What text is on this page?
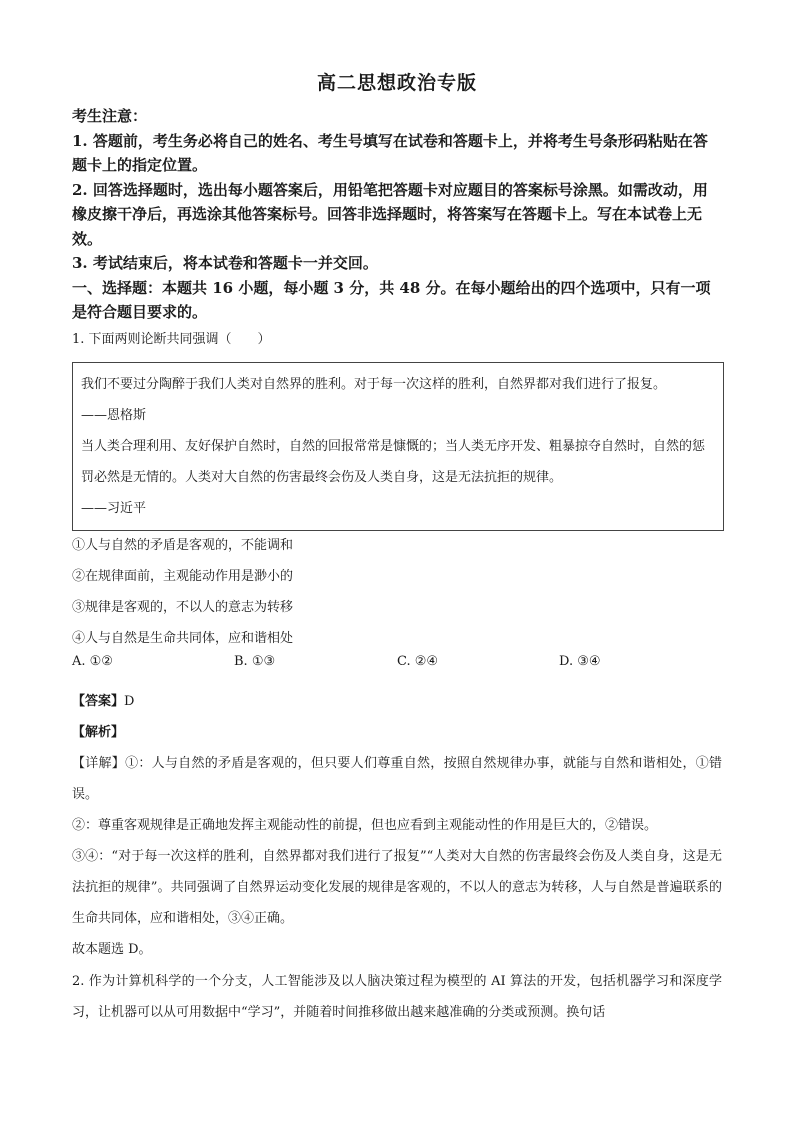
高二思想政治专版

考生注意：

1. 答题前，考生务必将自己的姓名、考生号填写在试卷和答题卡上，并将考生号条形码粘贴在答题卡上的指定位置。

2. 回答选择题时，选出每小题答案后，用铅笔把答题卡对应题目的答案标号涂黑。如需改动，用橡皮擦干净后，再选涂其他答案标号。回答非选择题时，将答案写在答题卡上。写在本试卷上无效。

3. 考试结束后，将本试卷和答题卡一并交回。

一、选择题：本题共 16 小题，每小题 3 分，共 48 分。在每小题给出的四个选项中，只有一项是符合题目要求的。

1. 下面两则论断共同强调（　　）

我们不要过分陶醉于我们人类对自然界的胜利。对于每一次这样的胜利，自然界都对我们进行了报复。

——恩格斯

当人类合理利用、友好保护自然时，自然的回报常常是慷慨的；当人类无序开发、粗暴掠夺自然时，自然的惩罚必然是无情的。人类对大自然的伤害最终会伤及人类自身，这是无法抗拒的规律。

——习近平

①人与自然的矛盾是客观的，不能调和

②在规律面前，主观能动作用是渺小的

③规律是客观的，不以人的意志为转移

④人与自然是生命共同体，应和谐相处

A. ①②	B. ①③	C. ②④	D. ③④

【答案】D

【解析】

【详解】①：人与自然的矛盾是客观的，但只要人们尊重自然，按照自然规律办事，就能与自然和谐相处，①错误。

②：尊重客观规律是正确地发挥主观能动性的前提，但也应看到主观能动性的作用是巨大的，②错误。

③④：“对于每一次这样的胜利，自然界都对我们进行了报复”“人类对大自然的伤害最终会伤及人类自身，这是无法抗拒的规律”。共同强调了自然界运动变化发展的规律是客观的，不以人的意志为转移，人与自然是普遍联系的生命共同体，应和谐相处，③④正确。

故本题选 D。

2. 作为计算机科学的一个分支，人工智能涉及以人脑决策过程为模型的 AI 算法的开发，包括机器学习和深度学习，让机器可以从可用数据中“学习”，并随着时间推移做出越来越准确的分类或预测。换句话
